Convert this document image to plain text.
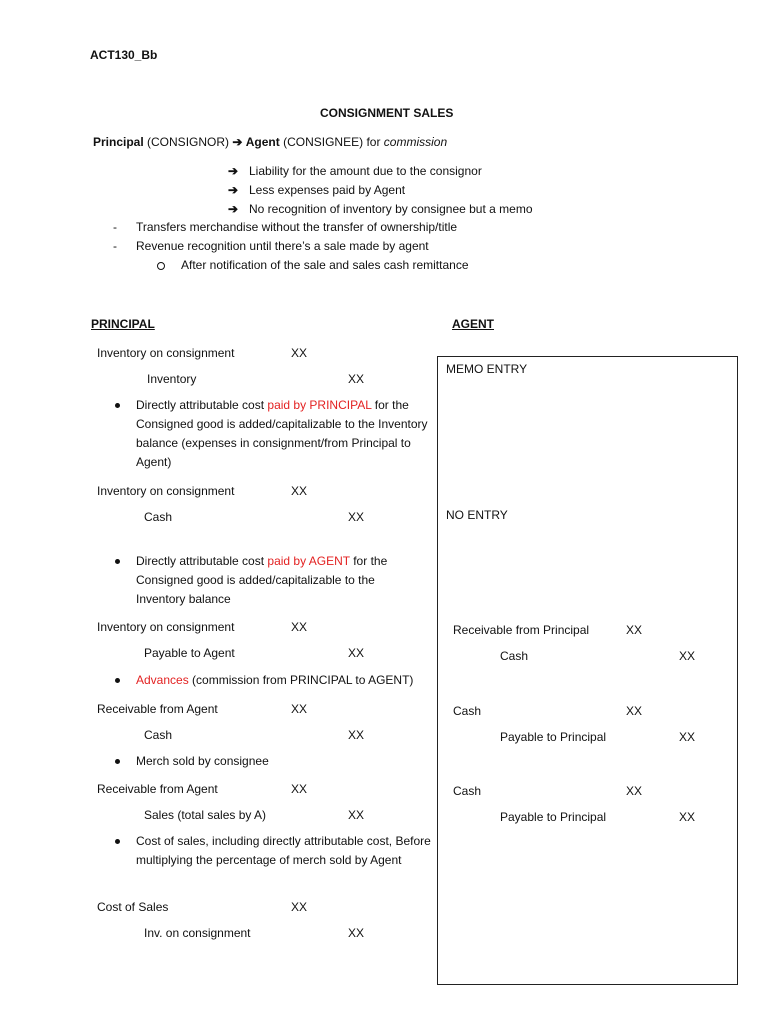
ACT130_Bb
CONSIGNMENT SALES
Principal (CONSIGNOR) ➔ Agent (CONSIGNEE) for commission
➔ Liability for the amount due to the consignor
➔ Less expenses paid by Agent
➔ No recognition of inventory by consignee but a memo
- Transfers merchandise without the transfer of ownership/title
- Revenue recognition until there’s a sale made by agent
After notification of the sale and sales cash remittance
PRINCIPAL	AGENT
Inventory on consignment	XX
Inventory	XX
Directly attributable cost paid by PRINCIPAL for the Consigned good is added/capitalizable to the Inventory balance (expenses in consignment/from Principal to Agent)
Inventory on consignment	XX
Cash	XX
Directly attributable cost paid by AGENT for the Consigned good is added/capitalizable to the Inventory balance
Inventory on consignment	XX
Payable to Agent	XX
Advances (commission from PRINCIPAL to AGENT)
Receivable from Agent	XX
Cash	XX
Merch sold by consignee
Receivable from Agent	XX
Sales (total sales by A)	XX
Cost of sales, including directly attributable cost, Before multiplying the percentage of merch sold by Agent
Cost of Sales	XX
Inv. on consignment	XX
MEMO ENTRY
NO ENTRY
Receivable from Principal	XX
Cash	XX
Cash	XX
Payable to Principal	XX
Cash	XX
Payable to Principal	XX
